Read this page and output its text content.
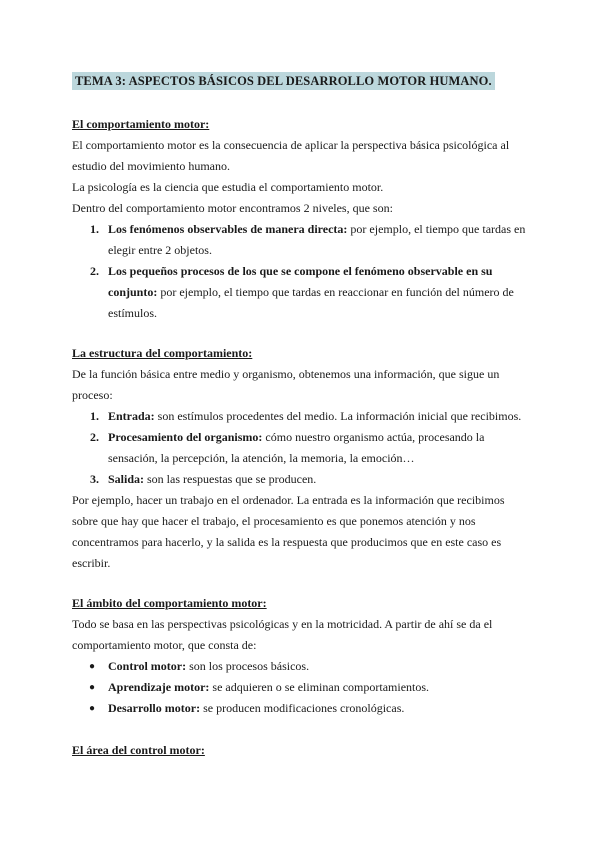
TEMA 3: ASPECTOS BÁSICOS DEL DESARROLLO MOTOR HUMANO.
El comportamiento motor:

El comportamiento motor es la consecuencia de aplicar la perspectiva básica psicológica al estudio del movimiento humano.

La psicología es la ciencia que estudia el comportamiento motor.

Dentro del comportamiento motor encontramos 2 niveles, que son:

1. Los fenómenos observables de manera directa: por ejemplo, el tiempo que tardas en elegir entre 2 objetos.
2. Los pequeños procesos de los que se compone el fenómeno observable en su conjunto: por ejemplo, el tiempo que tardas en reaccionar en función del número de estímulos.
La estructura del comportamiento:

De la función básica entre medio y organismo, obtenemos una información, que sigue un proceso:

1. Entrada: son estímulos procedentes del medio. La información inicial que recibimos.
2. Procesamiento del organismo: cómo nuestro organismo actúa, procesando la sensación, la percepción, la atención, la memoria, la emoción…
3. Salida: son las respuestas que se producen.

Por ejemplo, hacer un trabajo en el ordenador. La entrada es la información que recibimos sobre que hay que hacer el trabajo, el procesamiento es que ponemos atención y nos concentramos para hacerlo, y la salida es la respuesta que producimos que en este caso es escribir.

El ámbito del comportamiento motor:

Todo se basa en las perspectivas psicológicas y en la motricidad. A partir de ahí se da el comportamiento motor, que consta de:

● Control motor: son los procesos básicos.
● Aprendizaje motor: se adquieren o se eliminan comportamientos.
● Desarrollo motor: se producen modificaciones cronológicas.
El área del control motor:
